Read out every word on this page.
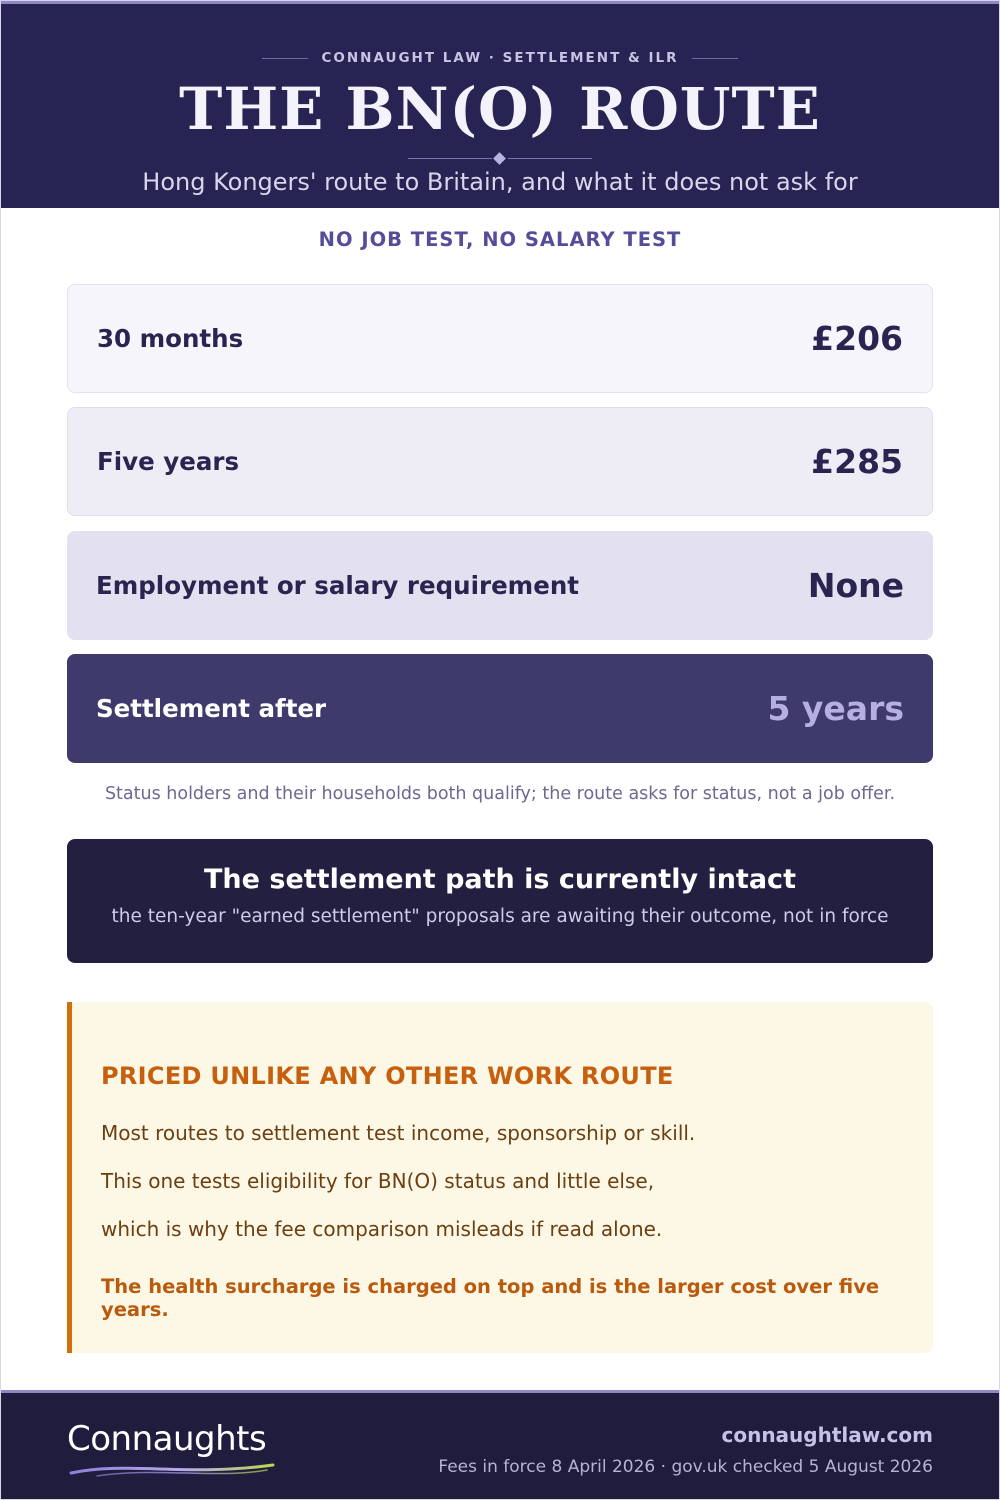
CONNAUGHT LAW · SETTLEMENT & ILR
THE BN(O) ROUTE
Hong Kongers' route to Britain, and what it does not ask for
NO JOB TEST, NO SALARY TEST
30 months	£206
Five years	£285
Employment or salary requirement	None
Settlement after	5 years
Status holders and their households both qualify; the route asks for status, not a job offer.
The settlement path is currently intact
the ten-year "earned settlement" proposals are awaiting their outcome, not in force
PRICED UNLIKE ANY OTHER WORK ROUTE
Most routes to settlement test income, sponsorship or skill.
This one tests eligibility for BN(O) status and little else,
which is why the fee comparison misleads if read alone.
The health surcharge is charged on top and is the larger cost over five years.
Connaughts	connaughtlaw.com
Fees in force 8 April 2026 · gov.uk checked 5 August 2026
